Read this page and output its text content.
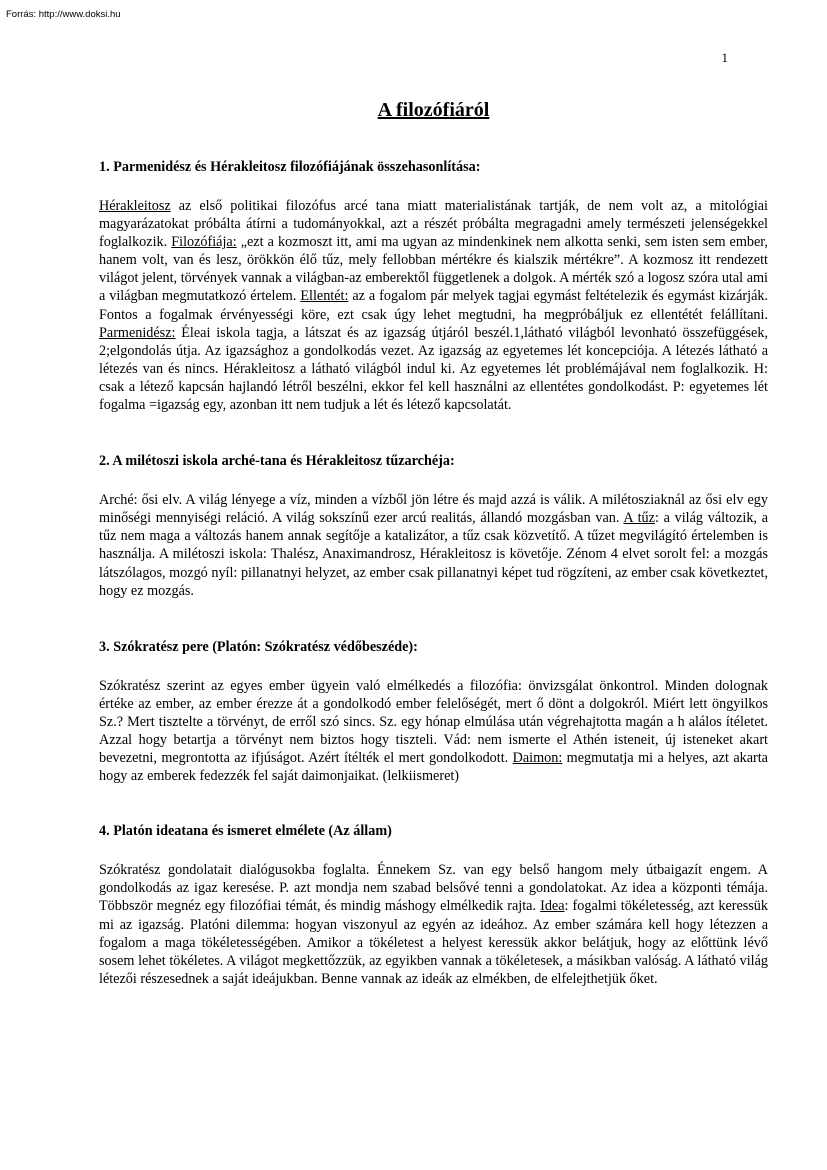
Forrás: http://www.doksi.hu
1
A filozófiáról

1. Parmenidész és Hérakleitosz filozófiájának összehasonlítása:

Hérakleitosz az első politikai filozófus arcé tana miatt materialistának tartják, de nem volt az, a mitológiai magyarázatokat próbálta átírni a tudományokkal, azt a részét próbálta megragadni amely természeti jelenségekkel foglalkozik. Filozófiája: „ezt a kozmoszt itt, ami ma ugyan az mindenkinek nem alkotta senki, sem isten sem ember, hanem volt, van és lesz, örökkön élő tűz, mely fellobban mértékre és kialszik mértékre”. A kozmosz itt rendezett világot jelent, törvények vannak a világban-az emberektől függetlenek a dolgok. A mérték szó a logosz szóra utal ami a világban megmutatkozó értelem. Ellentét: az a fogalom pár melyek tagjai egymást feltételezik és egymást kizárják. Fontos a fogalmak érvényességi köre, ezt csak úgy lehet megtudni, ha megpróbáljuk ez ellentétét felállítani. Parmenidész: Éleai iskola tagja, a látszat és az igazság útjáról beszél.1,látható világból levonható összefüggések, 2;elgondolás útja. Az igazsághoz a gondolkodás vezet. Az igazság az egyetemes lét koncepciója. A létezés látható a létezés van és nincs. Hérakleitosz a látható világból indul ki. Az egyetemes lét problémájával nem foglalkozik. H: csak a létező kapcsán hajlandó létről beszélni, ekkor fel kell használni az ellentétes gondolkodást. P: egyetemes lét fogalma =igazság egy, azonban itt nem tudjuk a lét és létező kapcsolatát.

2. A milétoszi iskola arché-tana és Hérakleitosz tűzarchéja:

Arché: ősi elv. A világ lényege a víz, minden a vízből jön létre és majd azzá is válik. A milétosziaknál az ősi elv egy minőségi mennyiségi reláció. A világ sokszínű ezer arcú realitás, állandó mozgásban van. A tűz: a világ változik, a tűz nem maga a változás hanem annak segítője a katalizátor, a tűz csak közvetítő. A tűzet megvilágító értelemben is használja. A milétoszi iskola: Thalész, Anaximandrosz, Hérakleitosz is követője. Zénom 4 elvet sorolt fel: a mozgás látszólagos, mozgó nyíl: pillanatnyi helyzet, az ember csak pillanatnyi képet tud rögzíteni, az ember csak következtet, hogy ez mozgás.

3. Szókratész pere (Platón: Szókratész védőbeszéde):

Szókratész szerint az egyes ember ügyein való elmélkedés a filozófia: önvizsgálat önkontrol. Minden dolognak értéke az ember, az ember érezze át a gondolkodó ember felelőségét, mert ő dönt a dolgokról. Miért lett öngyilkos Sz.? Mert tisztelte a törvényt, de erről szó sincs. Sz. egy hónap elmúlása után végrehajtotta magán a h alálos ítéletet. Azzal hogy betartja a törvényt nem biztos hogy tiszteli. Vád: nem ismerte el Athén isteneit, új isteneket akart bevezetni, megrontotta az ifjúságot. Azért ítélték el mert gondolkodott. Daimon: megmutatja mi a helyes, azt akarta hogy az emberek fedezzék fel saját daimonjaikat. (lelkiismeret)

4. Platón ideatana és ismeret elmélete (Az állam)

Szókratész gondolatait dialógusokba foglalta. Énnekem Sz. van egy belső hangom mely útbaigazít engem. A gondolkodás az igaz keresése. P. azt mondja nem szabad belsővé tenni a gondolatokat. Az idea a központi témája. Többször megnéz egy filozófiai témát, és mindig máshogy elmélkedik rajta. Idea: fogalmi tökéletesség, azt keressük mi az igazság. Platóni dilemma: hogyan viszonyul az egyén az ideához. Az ember számára kell hogy létezzen a fogalom a maga tökéletességében. Amikor a tökéletest a helyest keressük akkor belátjuk, hogy az előttünk lévő sosem lehet tökéletes. A világot megkettőzzük, az egyikben vannak a tökéletesek, a másikban valóság. A látható világ létezői részesednek a saját ideájukban. Benne vannak az ideák az elmékben, de elfelejthetjük őket.
